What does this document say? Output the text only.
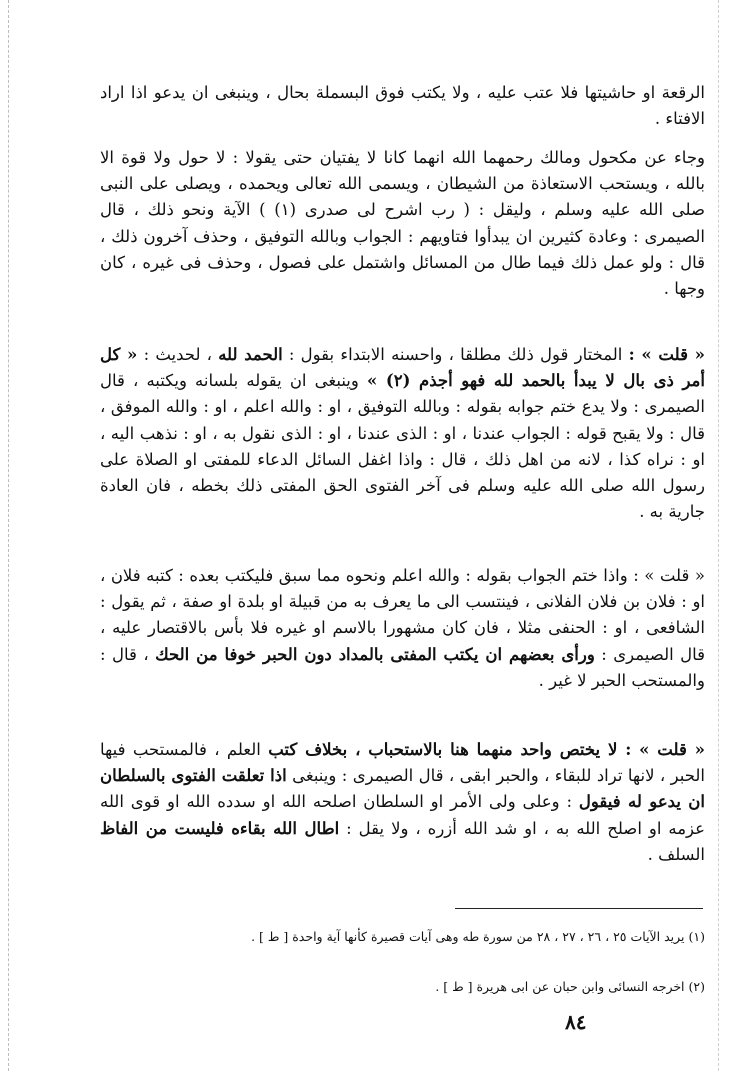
الرقعة او حاشيتها فلا عتب عليه ، ولا يكتب فوق البسملة بحال ، وينبغى ان يدعو اذا اراد الافتاء .

وجاء عن مكحول ومالك رحمهما الله انهما كانا لا يفتيان حتى يقولا : لا حول ولا قوة الا بالله ، ويستحب الاستعاذة من الشيطان ، ويسمى الله تعالى ويحمده ، ويصلى على النبى صلى الله عليه وسلم ، وليقل : ( رب اشرح لى صدرى (١) ) الآية ونحو ذلك ، قال الصيمرى : وعادة كثيرين ان يبدأوا فتاويهم : الجواب وبالله التوفيق ، وحذف آخرون ذلك ، قال : ولو عمل ذلك فيما طال من المسائل واشتمل على فصول ، وحذف فى غيره ، كان وجها .

« قلت » : المختار قول ذلك مطلقا ، واحسنه الابتداء بقول : الحمد لله ، لحديث : « كل أمر ذى بال لا يبدأ بالحمد لله فهو أجذم (٢) » وينبغى ان يقوله بلسانه ويكتبه ، قال الصيمرى : ولا يدع ختم جوابه بقوله : وبالله التوفيق ، او : والله اعلم ، او : والله الموفق ، قال : ولا يقبح قوله : الجواب عندنا ، او : الذى عندنا ، او : الذى نقول به ، او : نذهب اليه ، او : نراه كذا ، لانه من اهل ذلك ، قال : واذا اغفل السائل الدعاء للمفتى او الصلاة على رسول الله صلى الله عليه وسلم فى آخر الفتوى الحق المفتى ذلك بخطه ، فان العادة جارية به .

« قلت » : واذا ختم الجواب بقوله : والله اعلم ونحوه مما سبق فليكتب بعده : كتبه فلان ، او : فلان بن فلان الفلانى ، فينتسب الى ما يعرف به من قبيلة او بلدة او صفة ، ثم يقول : الشافعى ، او : الحنفى مثلا ، فان كان مشهورا بالاسم او غيره فلا بأس بالاقتصار عليه ، قال الصيمرى : ورأى بعضهم ان يكتب المفتى بالمداد دون الحبر خوفا من الحك ، قال : والمستحب الحبر لا غير .

« قلت » : لا يختص واحد منهما هنا بالاستحباب ، بخلاف كتب العلم ، فالمستحب فيها الحبر ، لانها تراد للبقاء ، والحبر ابقى ، قال الصيمرى : وينبغى اذا تعلقت الفتوى بالسلطان ان يدعو له فيقول : وعلى ولى الأمر او السلطان اصلحه الله او سدده الله او قوى الله عزمه او اصلح الله به ، او شد الله أزره ، ولا يقل : اطال الله بقاءه فليست من الفاظ السلف .

(١) يريد الآيات ٢٥ ، ٢٦ ، ٢٧ ، ٢٨ من سورة طه وهى آيات قصيرة كأنها آية واحدة [ ط ] .

(٢) اخرجه النسائى وابن حبان عن ابى هريرة [ ط ] .

٨٤
